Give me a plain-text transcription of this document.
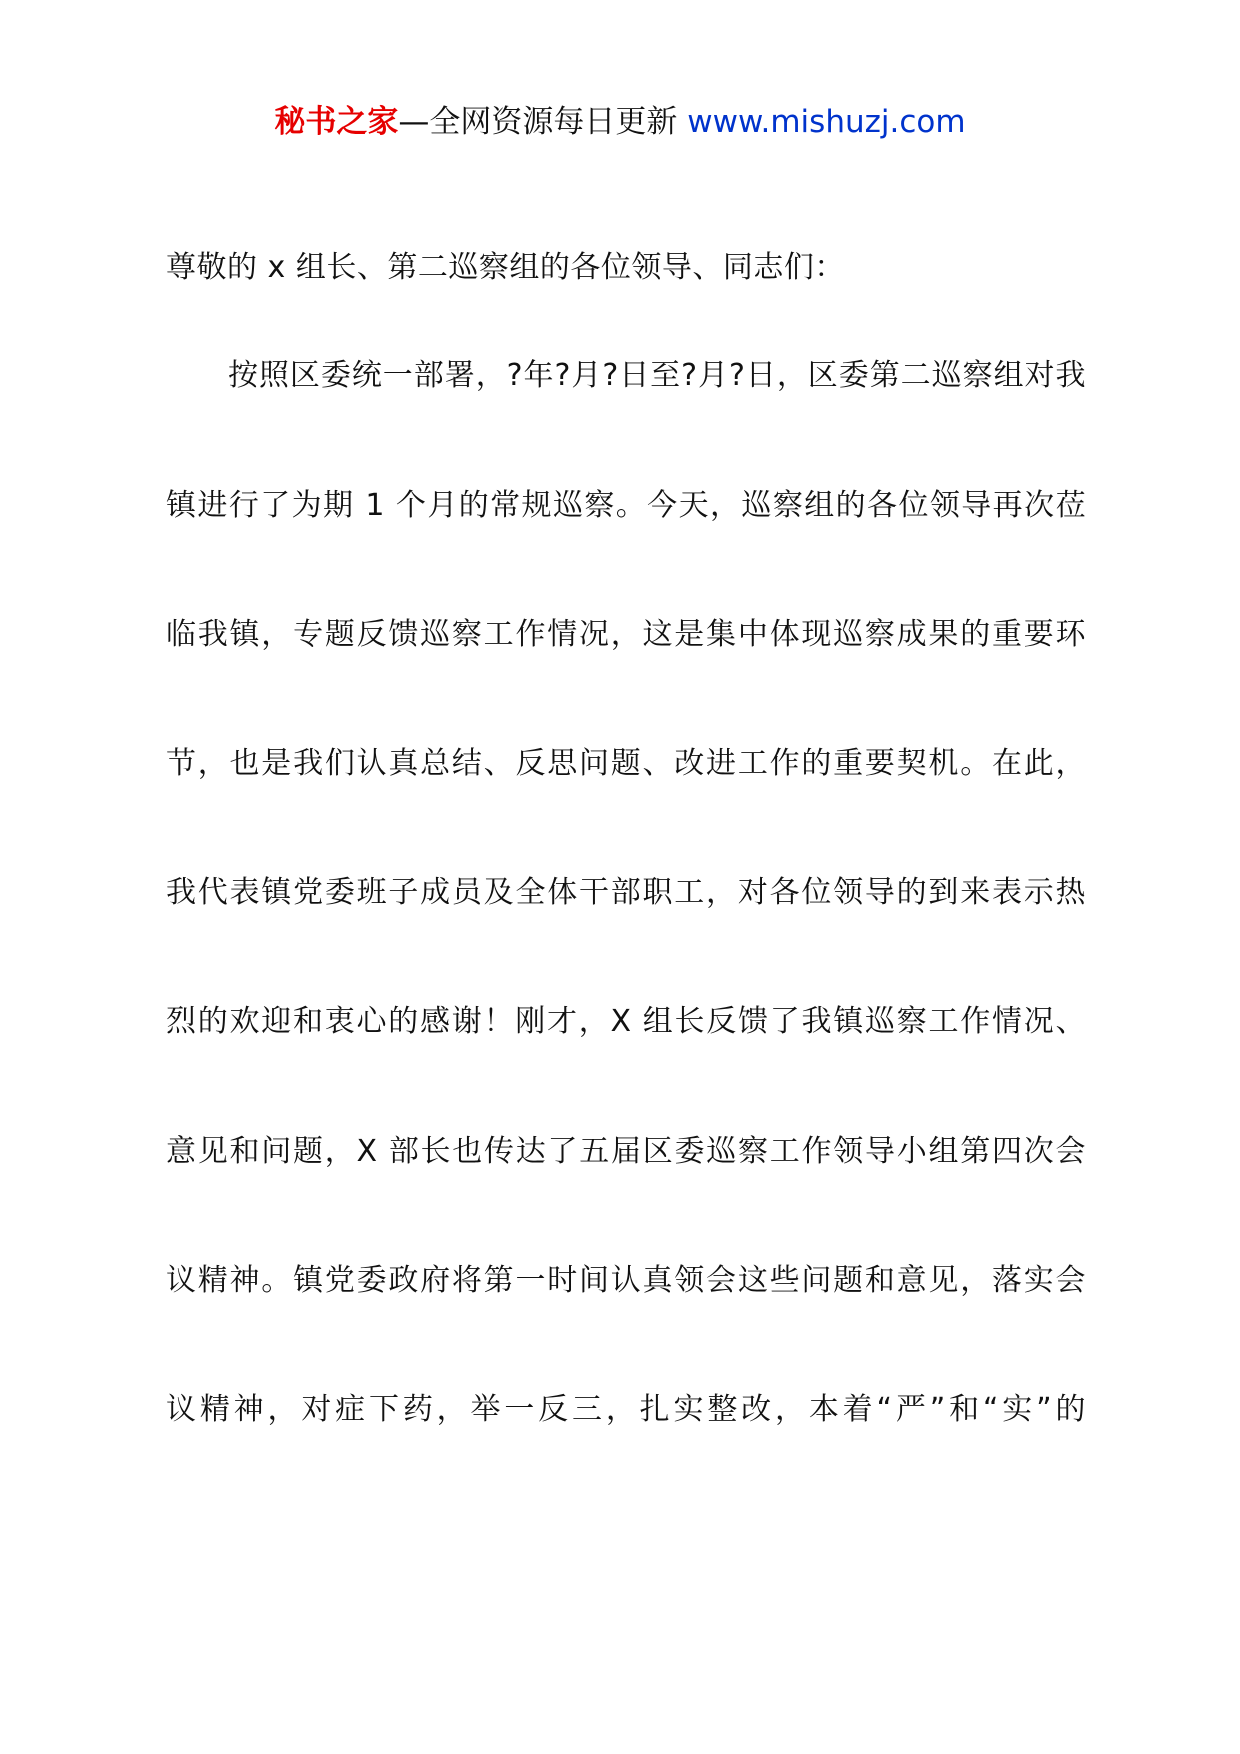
秘书之家—全网资源每日更新 www.mishuzj.com
尊敬的 x 组长、第二巡察组的各位领导、同志们：
按照区委统一部署，?年?月?日至?月?日，区委第二巡察组对我
镇进行了为期 1 个月的常规巡察。今天，巡察组的各位领导再次莅
临我镇，专题反馈巡察工作情况，这是集中体现巡察成果的重要环
节，也是我们认真总结、反思问题、改进工作的重要契机。在此，
我代表镇党委班子成员及全体干部职工，对各位领导的到来表示热
烈的欢迎和衷心的感谢！刚才，X 组长反馈了我镇巡察工作情况、
意见和问题，X 部长也传达了五届区委巡察工作领导小组第四次会
议精神。镇党委政府将第一时间认真领会这些问题和意见，落实会
议精神，对症下药，举一反三，扎实整改，本着“严”和“实”的
